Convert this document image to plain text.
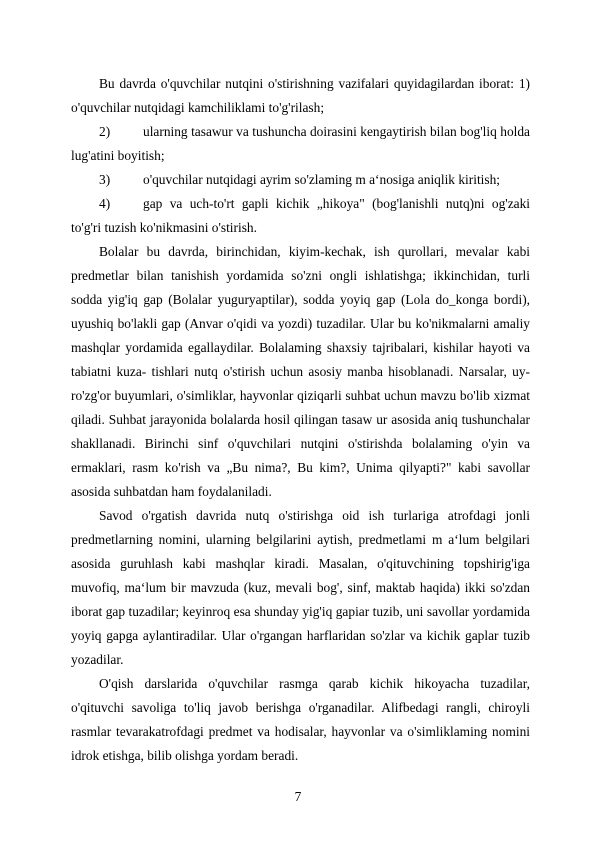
Bu davrda o'quvchilar nutqini o'stirishning vazifalari quyidagilardan iborat: 1) o'quvchilar nutqidagi kamchiliklami to'g'rilash;

2) ularning tasawur va tushuncha doirasini kengaytirish bilan bog'liq holda lug'atini boyitish;

3) o'quvchilar nutqidagi ayrim so'zlaming m a‘nosiga aniqlik kiritish;

4) gap va uch-to'rt gapli kichik „hikoya" (bog'lanishli nutq)ni og'zaki to'g'ri tuzish ko'nikmasini o'stirish.

Bolalar bu davrda, birinchidan, kiyim-kechak, ish qurollari, mevalar kabi predmetlar bilan tanishish yordamida so'zni ongli ishlatishga; ikkinchidan, turli sodda yig'iq gap (Bolalar yuguryaptilar), sodda yoyiq gap (Lola do_konga bordi), uyushiq bo'lakli gap (Anvar o'qidi va yozdi) tuzadilar. Ular bu ko'nikmalarni amaliy mashqlar yordamida egallaydilar. Bolalaming shaxsiy tajribalari, kishilar hayoti va tabiatni kuza- tishlari nutq o'stirish uchun asosiy manba hisoblanadi. Narsalar, uy-ro'zg'or buyumlari, o'simliklar, hayvonlar qiziqarli suhbat uchun mavzu bo'lib xizmat qiladi. Suhbat jarayonida bolalarda hosil qilingan tasaw ur asosida aniq tushunchalar shakllanadi. Birinchi sinf o'quvchilari nutqini o'stirishda bolalaming o'yin va ermaklari, rasm ko'rish va „Bu nima?, Bu kim?, Unima qilyapti?" kabi savollar asosida suhbatdan ham foydalaniladi.

Savod o'rgatish davrida nutq o'stirishga oid ish turlariga atrofdagi jonli predmetlarning nomini, ularning belgilarini aytish, predmetlami m a‘lum belgilari asosida guruhlash kabi mashqlar kiradi. Masalan, o'qituvchining topshirig'iga muvofiq, ma‘lum bir mavzuda (kuz, mevali bog', sinf, maktab haqida) ikki so'zdan iborat gap tuzadilar; keyinroq esa shunday yig'iq gapiar tuzib, uni savollar yordamida yoyiq gapga aylantiradilar. Ular o'rgangan harflaridan so'zlar va kichik gaplar tuzib yozadilar.

O'qish darslarida o'quvchilar rasmga qarab kichik hikoyacha tuzadilar, o'qituvchi savoliga to'liq javob berishga o'rganadilar. Alifbedagi rangli, chiroyli rasmlar tevarakatrofdagi predmet va hodisalar, hayvonlar va o'simliklaming nomini idrok etishga, bilib olishga yordam beradi.

7
